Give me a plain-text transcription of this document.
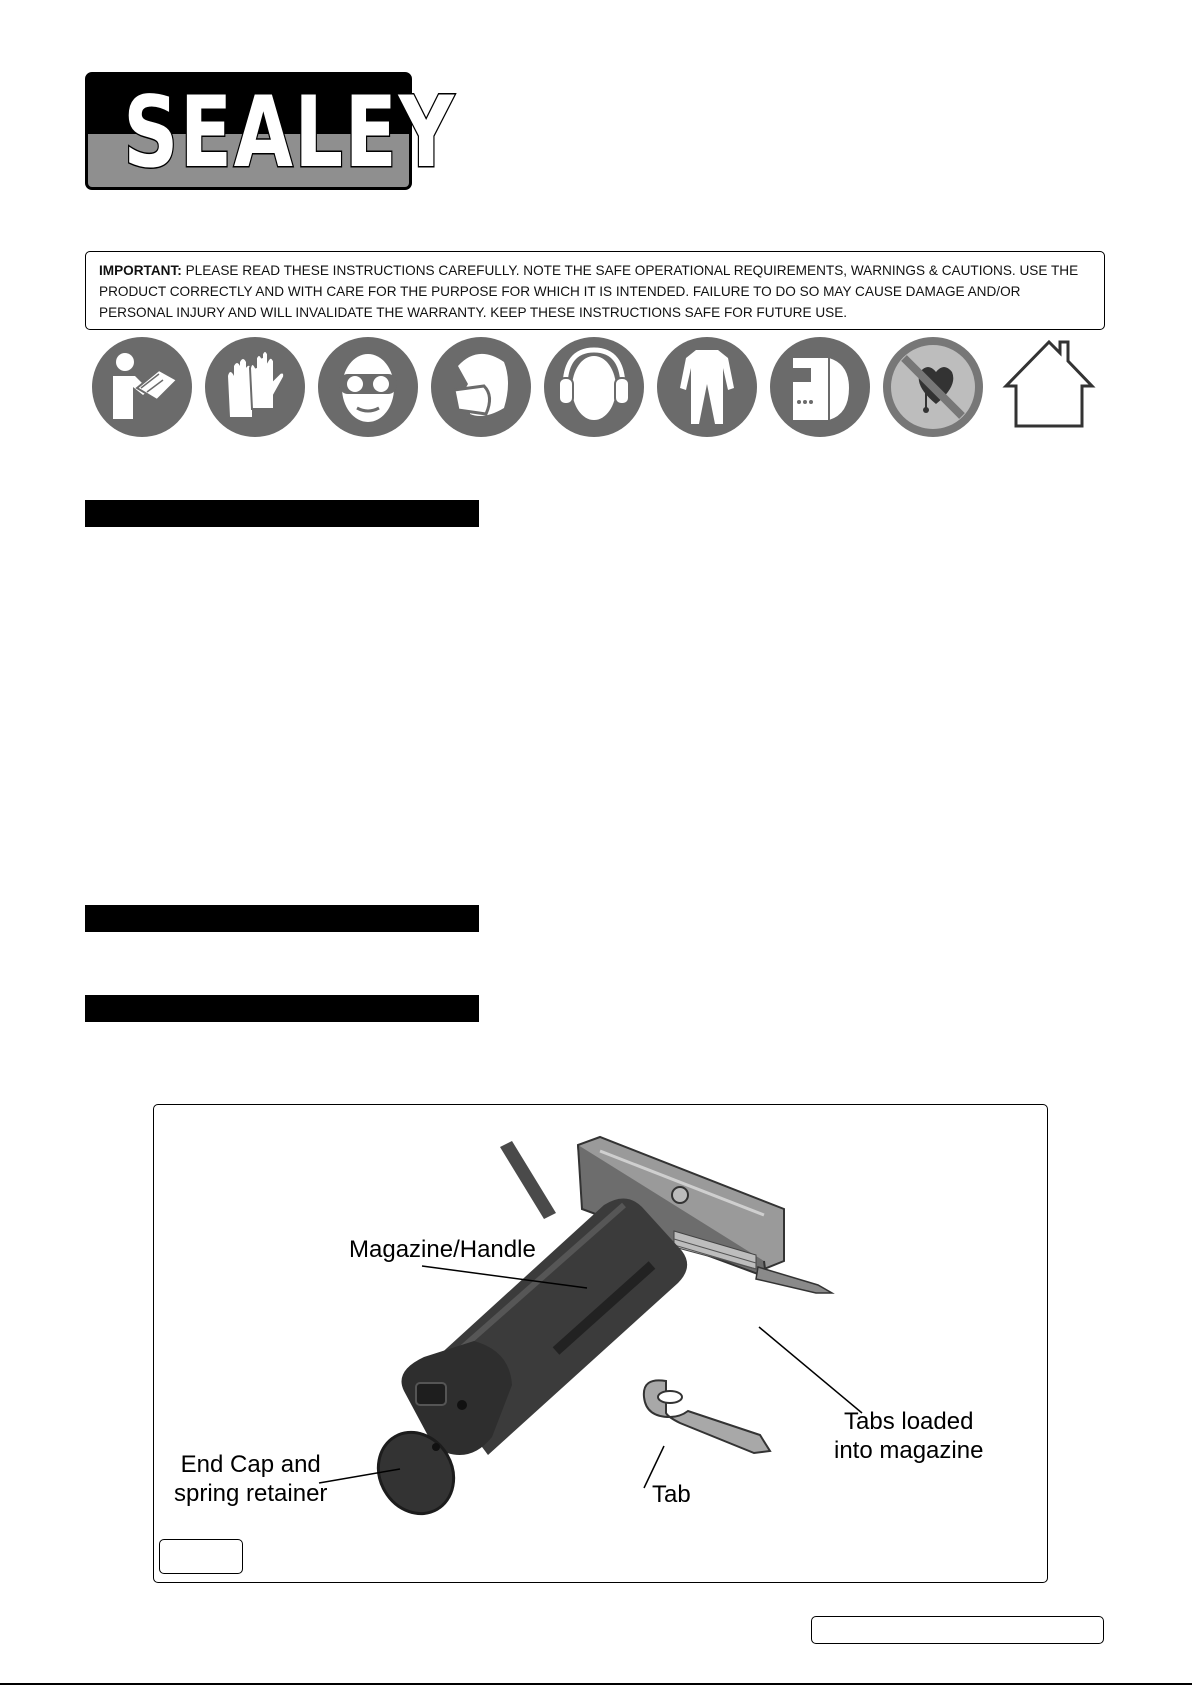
SEALEY
IMPORTANT: PLEASE READ THESE INSTRUCTIONS CAREFULLY. NOTE THE SAFE OPERATIONAL REQUIREMENTS, WARNINGS & CAUTIONS. USE THE PRODUCT CORRECTLY AND WITH CARE FOR THE PURPOSE FOR WHICH IT IS INTENDED. FAILURE TO DO SO MAY CAUSE DAMAGE AND/OR PERSONAL INJURY AND WILL INVALIDATE THE WARRANTY. KEEP THESE INSTRUCTIONS SAFE FOR FUTURE USE.
Magazine/Handle
End Cap and
spring retainer	Tab
Tabs loaded
into magazine
